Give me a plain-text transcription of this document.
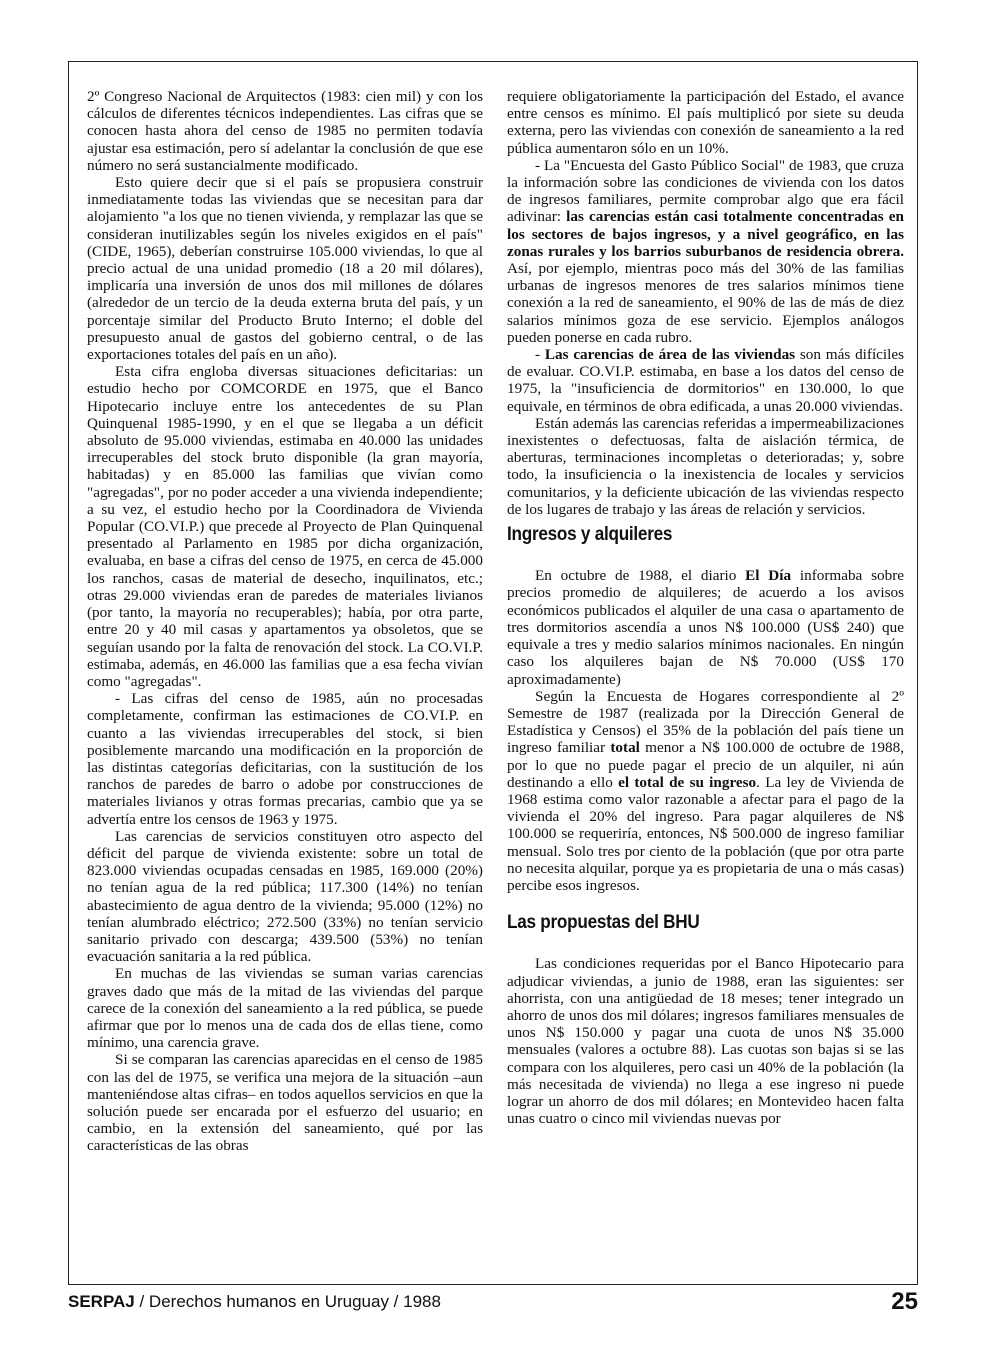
2º Congreso Nacional de Arquitectos (1983: cien mil) y con los cálculos de diferentes técnicos independientes. Las cifras que se conocen hasta ahora del censo de 1985 no permiten todavía ajustar esa estimación, pero sí adelantar la conclusión de que ese número no será sustancialmente modificado.

Esto quiere decir que si el país se propusiera construir inmediatamente todas las viviendas que se necesitan para dar alojamiento "a los que no tienen vivienda, y remplazar las que se consideran inutilizables según los niveles exigidos en el país" (CIDE, 1965), deberían construirse 105.000 viviendas, lo que al precio actual de una unidad promedio (18 a 20 mil dólares), implicaría una inversión de unos dos mil millones de dólares (alrededor de un tercio de la deuda externa bruta del país, y un porcentaje similar del Producto Bruto Interno; el doble del presupuesto anual de gastos del gobierno central, o de las exportaciones totales del país en un año).

Esta cifra engloba diversas situaciones deficitarias: un estudio hecho por COMCORDE en 1975, que el Banco Hipotecario incluye entre los antecedentes de su Plan Quinquenal 1985-1990, y en el que se llegaba a un déficit absoluto de 95.000 viviendas, estimaba en 40.000 las unidades irrecuperables del stock bruto disponible (la gran mayoría, habitadas) y en 85.000 las familias que vivían como "agregadas", por no poder acceder a una vivienda independiente; a su vez, el estudio hecho por la Coordinadora de Vivienda Popular (CO.VI.P.) que precede al Proyecto de Plan Quinquenal presentado al Parlamento en 1985 por dicha organización, evaluaba, en base a cifras del censo de 1975, en cerca de 45.000 los ranchos, casas de material de desecho, inquilinatos, etc.; otras 29.000 viviendas eran de paredes de materiales livianos (por tanto, la mayoría no recuperables); había, por otra parte, entre 20 y 40 mil casas y apartamentos ya obsoletos, que se seguían usando por la falta de renovación del stock. La CO.VI.P. estimaba, además, en 46.000 las familias que a esa fecha vivían como "agregadas".

- Las cifras del censo de 1985, aún no procesadas completamente, confirman las estimaciones de CO.VI.P. en cuanto a las viviendas irrecuperables del stock, si bien posiblemente marcando una modificación en la proporción de las distintas categorías deficitarias, con la sustitución de los ranchos de paredes de barro o adobe por construcciones de materiales livianos y otras formas precarias, cambio que ya se advertía entre los censos de 1963 y 1975.

Las carencias de servicios constituyen otro aspecto del déficit del parque de vivienda existente: sobre un total de 823.000 viviendas ocupadas censadas en 1985, 169.000 (20%) no tenían agua de la red pública; 117.300 (14%) no tenían abastecimiento de agua dentro de la vivienda; 95.000 (12%) no tenían alumbrado eléctrico; 272.500 (33%) no tenían servicio sanitario privado con descarga; 439.500 (53%) no tenían evacuación sanitaria a la red pública.

En muchas de las viviendas se suman varias carencias graves dado que más de la mitad de las viviendas del parque carece de la conexión del saneamiento a la red pública, se puede afirmar que por lo menos una de cada dos de ellas tiene, como mínimo, una carencia grave.

Si se comparan las carencias aparecidas en el censo de 1985 con las del de 1975, se verifica una mejora de la situación –aun manteniéndose altas cifras– en todos aquellos servicios en que la solución puede ser encarada por el esfuerzo del usuario; en cambio, en la extensión del saneamiento, qué por las características de las obras

requiere obligatoriamente la participación del Estado, el avance entre censos es mínimo. El país multiplicó por siete su deuda externa, pero las viviendas con conexión de saneamiento a la red pública aumentaron sólo en un 10%.

- La "Encuesta del Gasto Público Social" de 1983, que cruza la información sobre las condiciones de vivienda con los datos de ingresos familiares, permite comprobar algo que era fácil adivinar: las carencias están casi totalmente concentradas en los sectores de bajos ingresos, y a nivel geográfico, en las zonas rurales y los barrios suburbanos de residencia obrera. Así, por ejemplo, mientras poco más del 30% de las familias urbanas de ingresos menores de tres salarios mínimos tiene conexión a la red de saneamiento, el 90% de las de más de diez salarios mínimos goza de ese servicio. Ejemplos análogos pueden ponerse en cada rubro.

- Las carencias de área de las viviendas son más difíciles de evaluar. CO.VI.P. estimaba, en base a los datos del censo de 1975, la "insuficiencia de dormitorios" en 130.000, lo que equivale, en términos de obra edificada, a unas 20.000 viviendas.

Están además las carencias referidas a impermeabilizaciones inexistentes o defectuosas, falta de aislación térmica, de aberturas, terminaciones incompletas o deterioradas; y, sobre todo, la insuficiencia o la inexistencia de locales y servicios comunitarios, y la deficiente ubicación de las viviendas respecto de los lugares de trabajo y las áreas de relación y servicios.

Ingresos y alquileres

En octubre de 1988, el diario El Día informaba sobre precios promedio de alquileres; de acuerdo a los avisos económicos publicados el alquiler de una casa o apartamento de tres dormitorios ascendía a unos N$ 100.000 (US$ 240) que equivale a tres y medio salarios mínimos nacionales. En ningún caso los alquileres bajan de N$ 70.000 (US$ 170 aproximadamente)

Según la Encuesta de Hogares correspondiente al 2º Semestre de 1987 (realizada por la Dirección General de Estadística y Censos) el 35% de la población del país tiene un ingreso familiar total menor a N$ 100.000 de octubre de 1988, por lo que no puede pagar el precio de un alquiler, ni aún destinando a ello el total de su ingreso. La ley de Vivienda de 1968 estima como valor razonable a afectar para el pago de la vivienda el 20% del ingreso. Para pagar alquileres de N$ 100.000 se requeriría, entonces, N$ 500.000 de ingreso familiar mensual. Solo tres por ciento de la población (que por otra parte no necesita alquilar, porque ya es propietaria de una o más casas) percibe esos ingresos.

Las propuestas del BHU

Las condiciones requeridas por el Banco Hipotecario para adjudicar viviendas, a junio de 1988, eran las siguientes: ser ahorrista, con una antigüedad de 18 meses; tener integrado un ahorro de unos dos mil dólares; ingresos familiares mensuales de unos N$ 150.000 y pagar una cuota de unos N$ 35.000 mensuales (valores a octubre 88). Las cuotas son bajas si se las compara con los alquileres, pero casi un 40% de la población (la más necesitada de vivienda) no llega a ese ingreso ni puede lograr un ahorro de dos mil dólares; en Montevideo hacen falta unas cuatro o cinco mil viviendas nuevas por

SERPAJ / Derechos humanos en Uruguay / 1988	25
